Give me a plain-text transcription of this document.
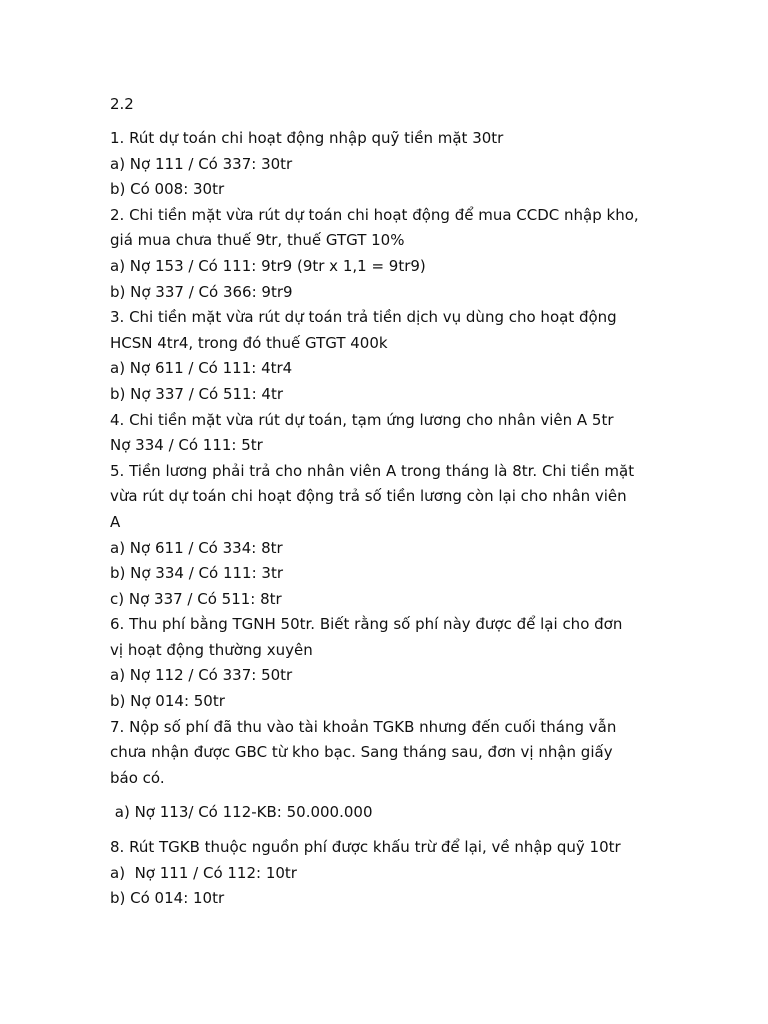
2.2
1. Rút dự toán chi hoạt động nhập quỹ tiền mặt 30tr
a) Nợ 111 / Có 337: 30tr
b) Có 008: 30tr
2. Chi tiền mặt vừa rút dự toán chi hoạt động để mua CCDC nhập kho,
giá mua chưa thuế 9tr, thuế GTGT 10%
a) Nợ 153 / Có 111: 9tr9 (9tr x 1,1 = 9tr9)
b) Nợ 337 / Có 366: 9tr9
3. Chi tiền mặt vừa rút dự toán trả tiền dịch vụ dùng cho hoạt động
HCSN 4tr4, trong đó thuế GTGT 400k
a) Nợ 611 / Có 111: 4tr4
b) Nợ 337 / Có 511: 4tr
4. Chi tiền mặt vừa rút dự toán, tạm ứng lương cho nhân viên A 5tr
Nợ 334 / Có 111: 5tr
5. Tiền lương phải trả cho nhân viên A trong tháng là 8tr. Chi tiền mặt
vừa rút dự toán chi hoạt động trả số tiền lương còn lại cho nhân viên
A
a) Nợ 611 / Có 334: 8tr
b) Nợ 334 / Có 111: 3tr
c) Nợ 337 / Có 511: 8tr
6. Thu phí bằng TGNH 50tr. Biết rằng số phí này được để lại cho đơn
vị hoạt động thường xuyên
a) Nợ 112 / Có 337: 50tr
b) Nợ 014: 50tr
7. Nộp số phí đã thu vào tài khoản TGKB nhưng đến cuối tháng vẫn
chưa nhận được GBC từ kho bạc. Sang tháng sau, đơn vị nhận giấy
báo có.
a) Nợ 113/ Có 112-KB: 50.000.000
8. Rút TGKB thuộc nguồn phí được khấu trừ để lại, về nhập quỹ 10tr
a)  Nợ 111 / Có 112: 10tr
b) Có 014: 10tr
